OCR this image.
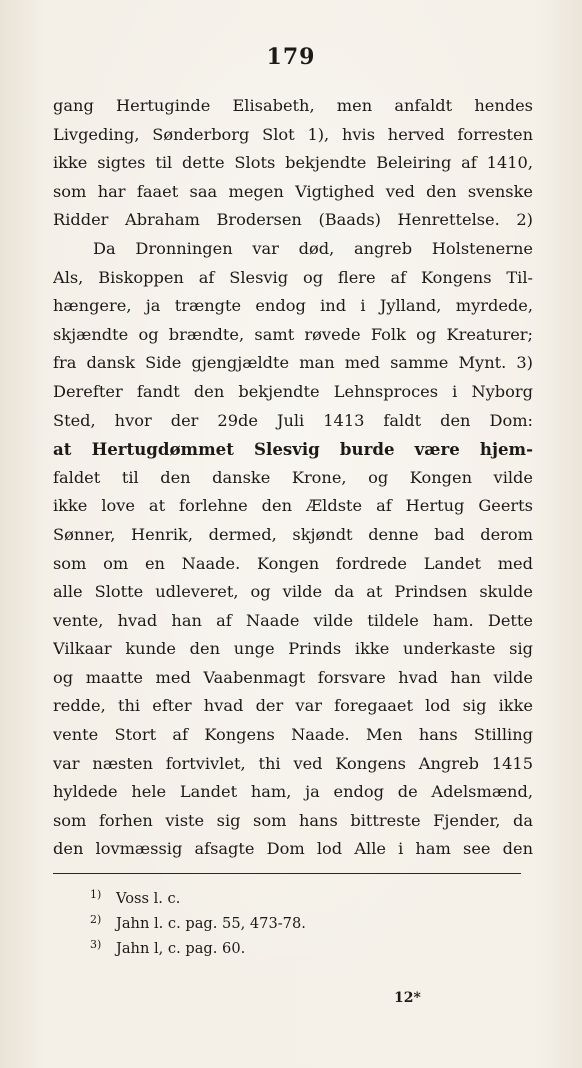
179
gang Hertuginde Elisabeth, men anfaldt hendes
Livgeding, Sønderborg Slot 1), hvis herved forresten
ikke sigtes til dette Slots bekjendte Beleiring af 1410,
som har faaet saa megen Vigtighed ved den svenske
Ridder Abraham Brodersen (Baads) Henrettelse. 2)
Da Dronningen var død, angreb Holstenerne
Als, Biskoppen af Slesvig og flere af Kongens Til-
hængere, ja trængte endog ind i Jylland, myrdede,
skjændte og brændte, samt røvede Folk og Kreaturer;
fra dansk Side gjengjældte man med samme Mynt. 3)
Derefter fandt den bekjendte Lehnsproces i Nyborg
Sted, hvor der 29de Juli 1413 faldt den Dom:
at Hertugdømmet Slesvig burde være hjem-
faldet til den danske Krone, og Kongen vilde
ikke love at forlehne den Ældste af Hertug Geerts
Sønner, Henrik, dermed, skjøndt denne bad derom
som om en Naade. Kongen fordrede Landet med
alle Slotte udleveret, og vilde da at Prindsen skulde
vente, hvad han af Naade vilde tildele ham. Dette
Vilkaar kunde den unge Prinds ikke underkaste sig
og maatte med Vaabenmagt forsvare hvad han vilde
redde, thi efter hvad der var foregaaet lod sig ikke
vente Stort af Kongens Naade. Men hans Stilling
var næsten fortvivlet, thi ved Kongens Angreb 1415
hyldede hele Landet ham, ja endog de Adelsmænd,
som forhen viste sig som hans bittreste Fjender, da
den lovmæssig afsagte Dom lod Alle i ham see den
1) Voss l. c.
2) Jahn l. c. pag. 55, 473-78.
3) Jahn l, c. pag. 60.
12*
